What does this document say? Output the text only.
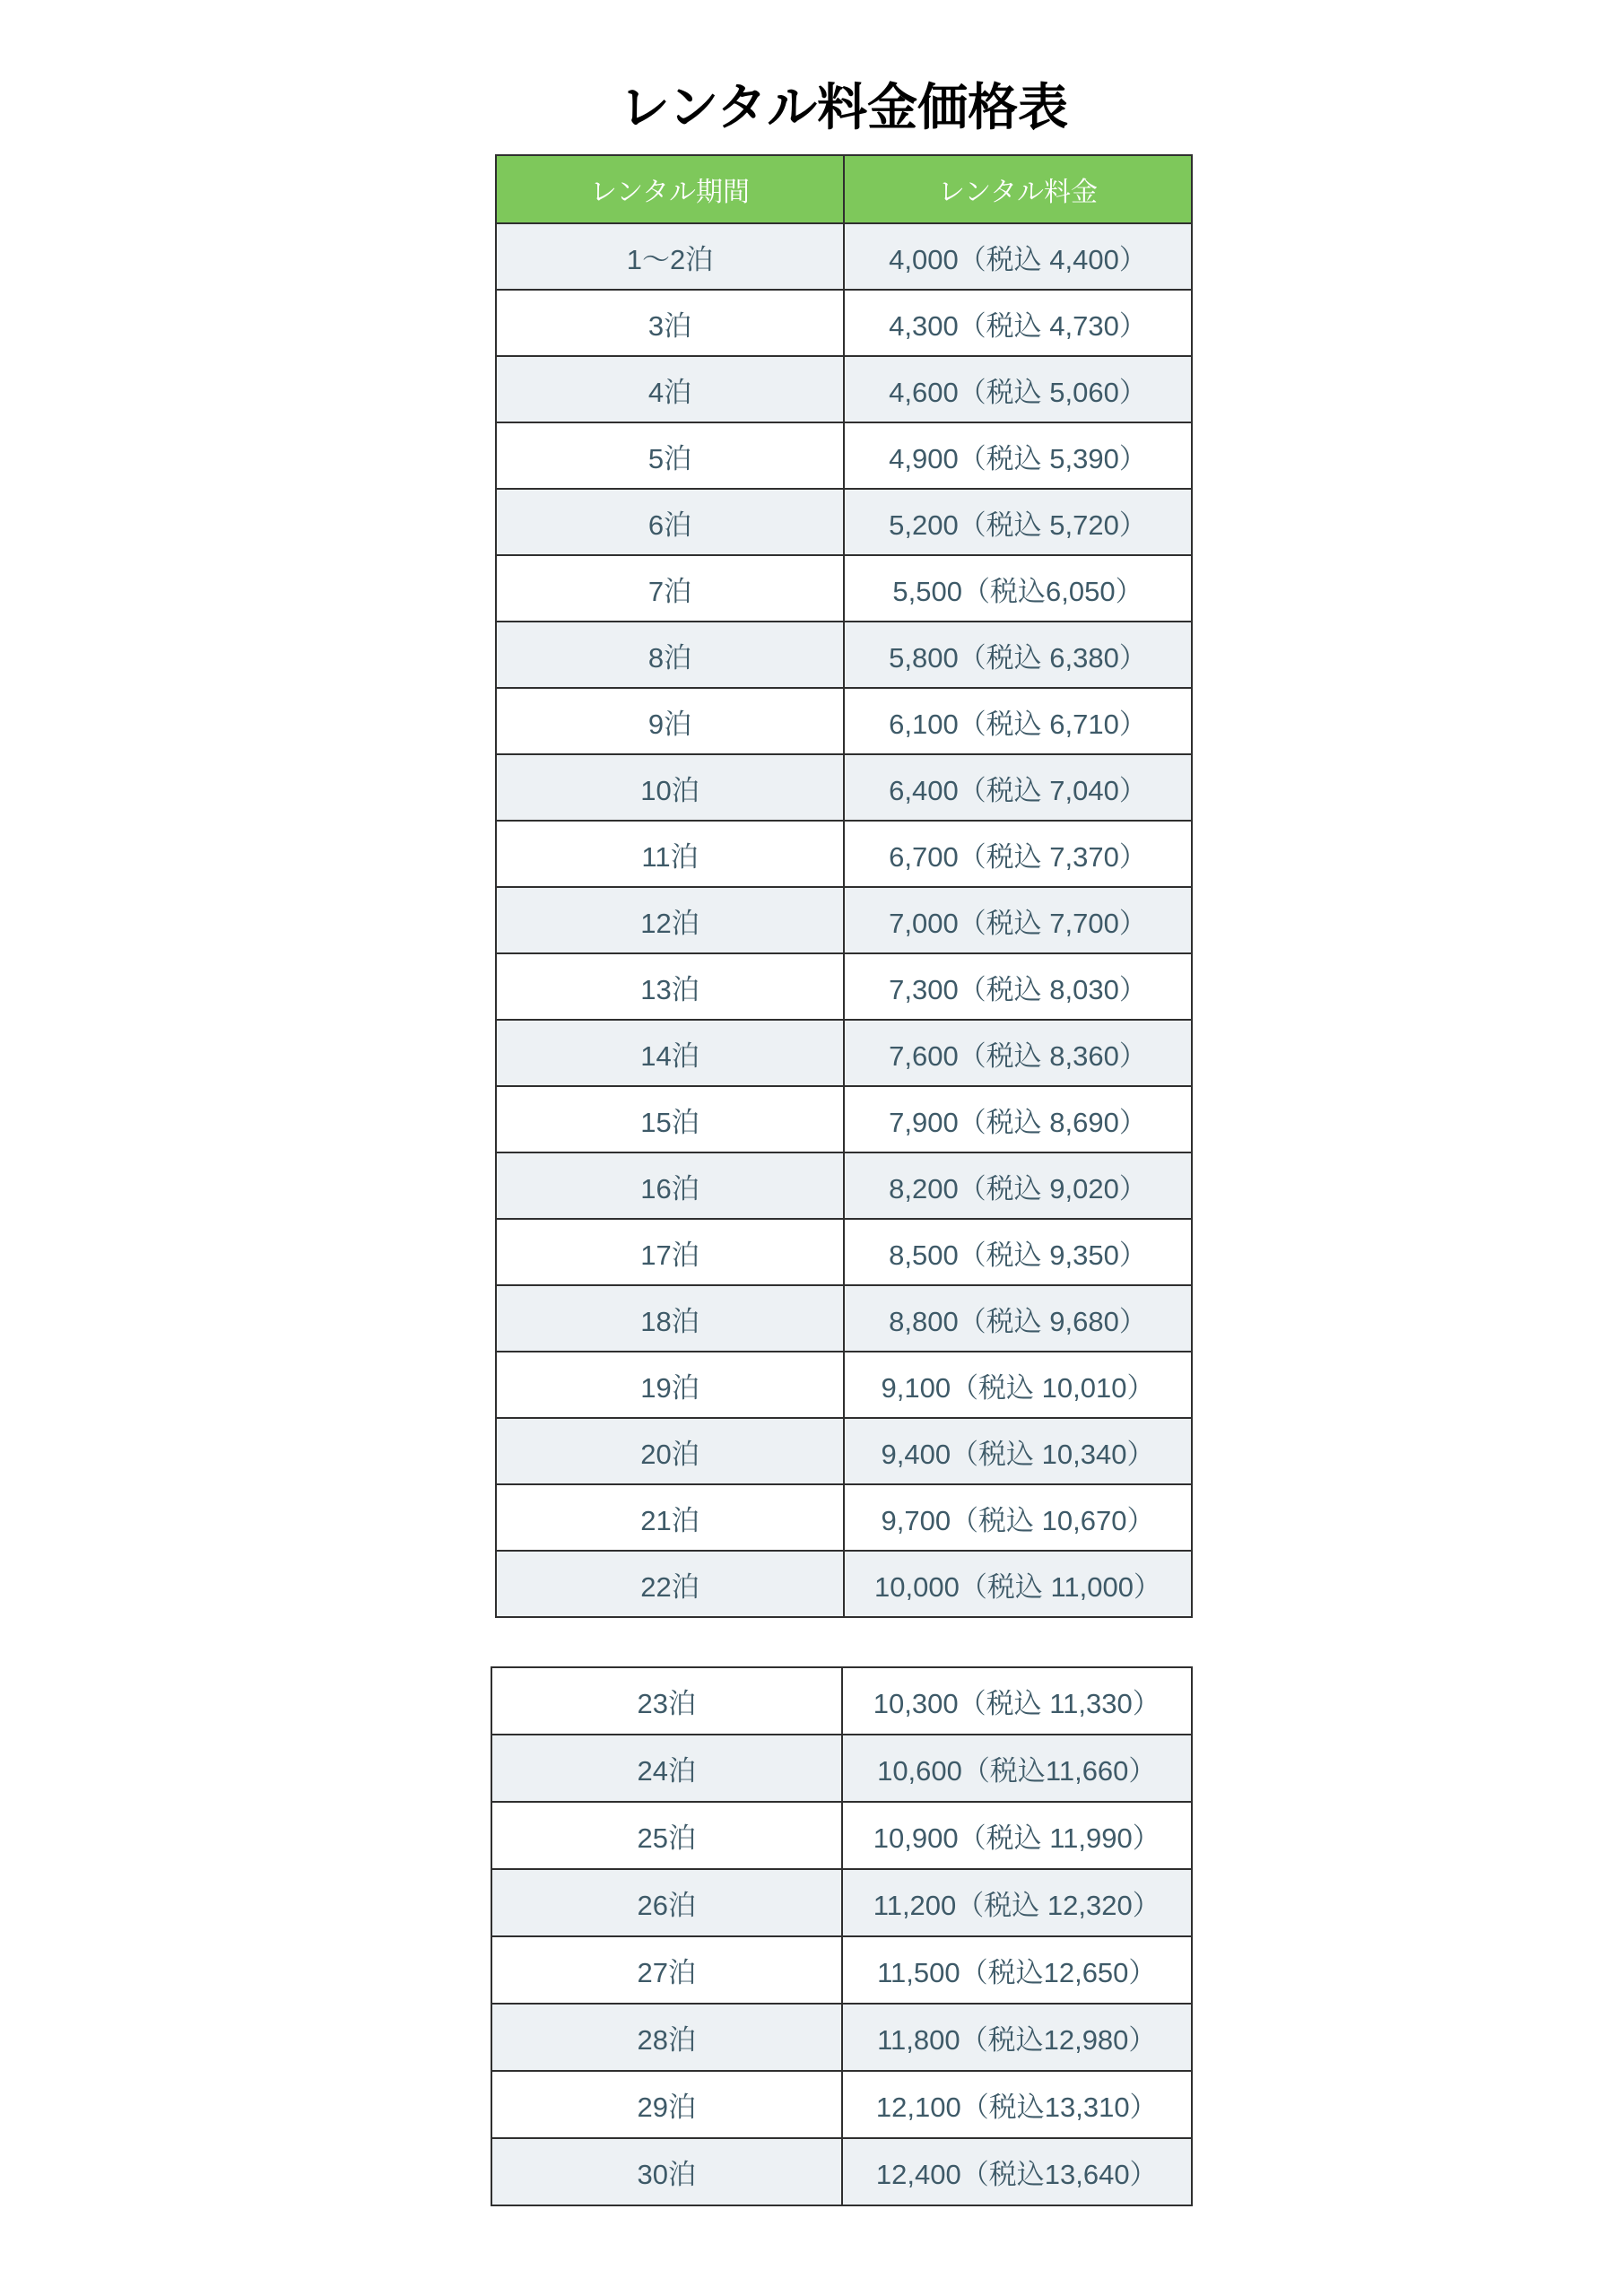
レンタル料金価格表
レンタル期間	レンタル料金
1～2泊	4,000（税込 4,400）
3泊	4,300（税込 4,730）
4泊	4,600（税込 5,060）
5泊	4,900（税込 5,390）
6泊	5,200（税込 5,720）
7泊	5,500（税込6,050）
8泊	5,800（税込 6,380）
9泊	6,100（税込 6,710）
10泊	6,400（税込 7,040）
11泊	6,700（税込 7,370）
12泊	7,000（税込 7,700）
13泊	7,300（税込 8,030）
14泊	7,600（税込 8,360）
15泊	7,900（税込 8,690）
16泊	8,200（税込 9,020）
17泊	8,500（税込 9,350）
18泊	8,800（税込 9,680）
19泊	9,100（税込 10,010）
20泊	9,400（税込 10,340）
21泊	9,700（税込 10,670）
22泊	10,000（税込 11,000）
23泊	10,300（税込 11,330）
24泊	10,600（税込11,660）
25泊	10,900（税込 11,990）
26泊	11,200（税込 12,320）
27泊	11,500（税込12,650）
28泊	11,800（税込12,980）
29泊	12,100（税込13,310）
30泊	12,400（税込13,640）
